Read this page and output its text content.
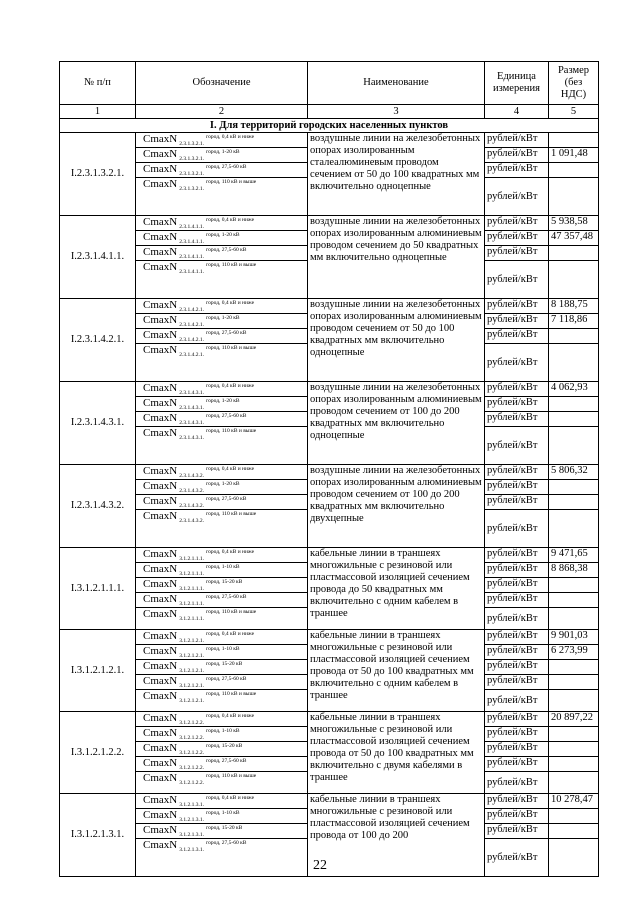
№ п/п	Обозначение	Наименование	Единица измерения	Размер (без НДС)
1	2	3	4	5
I. Для территорий городских населенных пунктов				
I.2.3.1.3.2.1.	CmaxN $_{2.3.1.3.2.1.}^{город, 0,4 кВ и ниже}$	воздушные линии на железобетонных опорах изолированным сталеалюминевым проводом сечением от 50 до 100 квадратных мм включительно одноцепные	рублей/кВт	
	CmaxN $_{2.3.1.3.2.1.}^{город, 1-20 кВ}$		рублей/кВт	1 091,48
	CmaxN $_{2.3.1.3.2.1.}^{город, 27,5-60 кВ}$		рублей/кВт	
	CmaxN $_{2.3.1.3.2.1.}^{город, 110 кВ и выше}$		рублей/кВт	
I.2.3.1.4.1.1.	CmaxN $_{2.3.1.4.1.1.}^{город, 0,4 кВ и ниже}$	воздушные линии на железобетонных опорах изолированным алюминиевым проводом сечением до 50 квадратных мм включительно одноцепные	рублей/кВт	5 938,58
	CmaxN $_{2.3.1.4.1.1.}^{город, 1-20 кВ}$		рублей/кВт	47 357,48
	CmaxN $_{2.3.1.4.1.1.}^{город, 27,5-60 кВ}$		рублей/кВт	
	CmaxN $_{2.3.1.4.1.1.}^{город, 110 кВ и выше}$		рублей/кВт	
I.2.3.1.4.2.1.	CmaxN $_{2.3.1.4.2.1.}^{город, 0,4 кВ и ниже}$	воздушные линии на железобетонных опорах изолированным алюминиевым проводом сечением от 50 до 100 квадратных мм включительно одноцепные	рублей/кВт	8 188,75
	CmaxN $_{2.3.1.4.2.1.}^{город, 1-20 кВ}$		рублей/кВт	7 118,86
	CmaxN $_{2.3.1.4.2.1.}^{город, 27,5-60 кВ}$		рублей/кВт	
	CmaxN $_{2.3.1.4.2.1.}^{город, 110 кВ и выше}$		рублей/кВт	
I.2.3.1.4.3.1.	CmaxN $_{2.3.1.4.3.1.}^{город, 0,4 кВ и ниже}$	воздушные линии на железобетонных опорах изолированным алюминиевым проводом сечением от 100 до 200 квадратных мм включительно одноцепные	рублей/кВт	4 062,93
	CmaxN $_{2.3.1.4.3.1.}^{город, 1-20 кВ}$		рублей/кВт	
	CmaxN $_{2.3.1.4.3.1.}^{город, 27,5-60 кВ}$		рублей/кВт	
	CmaxN $_{2.3.1.4.3.1.}^{город, 110 кВ и выше}$		рублей/кВт	
I.2.3.1.4.3.2.	CmaxN $_{2.3.1.4.3.2.}^{город, 0,4 кВ и ниже}$	воздушные линии на железобетонных опорах изолированным алюминиевым проводом сечением от 100 до 200 квадратных мм включительно двухцепные	рублей/кВт	5 806,32
	CmaxN $_{2.3.1.4.3.2.}^{город, 1-20 кВ}$		рублей/кВт	
	CmaxN $_{2.3.1.4.3.2.}^{город, 27,5-60 кВ}$		рублей/кВт	
	CmaxN $_{2.3.1.4.3.2.}^{город, 110 кВ и выше}$		рублей/кВт	
I.3.1.2.1.1.1.	CmaxN $_{3.1.2.1.1.1.}^{город, 0,4 кВ и ниже}$	кабельные линии в траншеях многожильные с резиновой или пластмассовой изоляцией сечением провода до 50 квадратных мм включительно с одним кабелем в траншее	рублей/кВт	9 471,65
	CmaxN $_{3.1.2.1.1.1.}^{город, 1-10 кВ}$		рублей/кВт	8 868,38
	CmaxN $_{3.1.2.1.1.1.}^{город, 15-20 кВ}$		рублей/кВт	
	CmaxN $_{3.1.2.1.1.1.}^{город, 27,5-60 кВ}$		рублей/кВт	
	CmaxN $_{3.1.2.1.1.1.}^{город, 110 кВ и выше}$		рублей/кВт	
I.3.1.2.1.2.1.	CmaxN $_{3.1.2.1.2.1.}^{город, 0,4 кВ и ниже}$	кабельные линии в траншеях многожильные с резиновой или пластмассовой изоляцией сечением провода от 50 до 100 квадратных мм включительно с одним кабелем в траншее	рублей/кВт	9 901,03
	CmaxN $_{3.1.2.1.2.1.}^{город, 1-10 кВ}$		рублей/кВт	6 273,99
	CmaxN $_{3.1.2.1.2.1.}^{город, 15-20 кВ}$		рублей/кВт	
	CmaxN $_{3.1.2.1.2.1.}^{город, 27,5-60 кВ}$		рублей/кВт	
	CmaxN $_{3.1.2.1.2.1.}^{город, 110 кВ и выше}$		рублей/кВт	
I.3.1.2.1.2.2.	CmaxN $_{3.1.2.1.2.2.}^{город, 0,4 кВ и ниже}$	кабельные линии в траншеях многожильные с резиновой или пластмассовой изоляцией сечением провода от 50 до 100 квадратных мм включительно с двумя кабелями в траншее	рублей/кВт	20 897,22
	CmaxN $_{3.1.2.1.2.2.}^{город, 1-10 кВ}$		рублей/кВт	
	CmaxN $_{3.1.2.1.2.2.}^{город, 15-20 кВ}$		рублей/кВт	
	CmaxN $_{3.1.2.1.2.2.}^{город, 27,5-60 кВ}$		рублей/кВт	
	CmaxN $_{3.1.2.1.2.2.}^{город, 110 кВ и выше}$		рублей/кВт	
I.3.1.2.1.3.1.	CmaxN $_{3.1.2.1.3.1.}^{город, 0,4 кВ и ниже}$	кабельные линии в траншеях многожильные с резиновой или пластмассовой изоляцией сечением провода от 100 до 200	рублей/кВт	10 278,47
	CmaxN $_{3.1.2.1.3.1.}^{город, 1-10 кВ}$		рублей/кВт	
	CmaxN $_{3.1.2.1.3.1.}^{город, 15-20 кВ}$		рублей/кВт	
	CmaxN $_{3.1.2.1.3.1.}^{город, 27,5-60 кВ}$		рублей/кВт	
22
